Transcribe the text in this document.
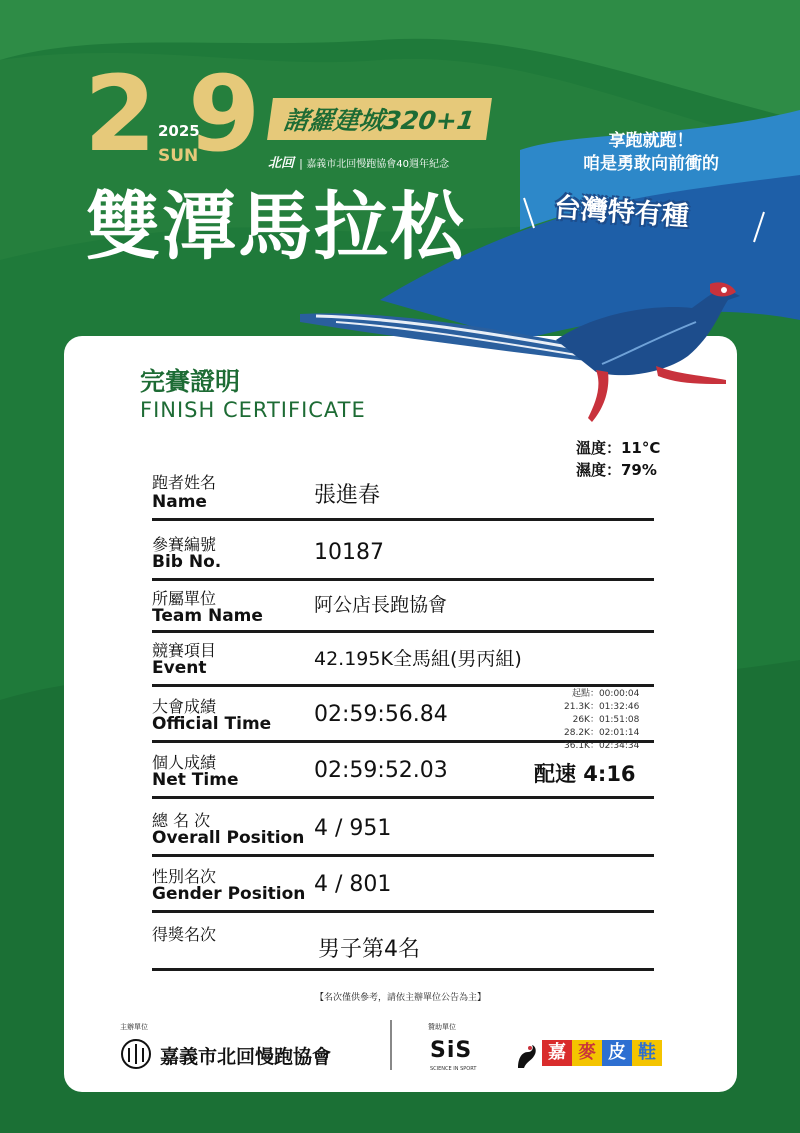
2 2025
SUN
9 諸羅建城320+1
北回 | 嘉義市北回慢跑協會40週年紀念
雙潭馬拉松
享跑就跑！
咱是勇敢向前衝的
台灣特有種
完賽證明
FINISH CERTIFICATE
溫度：11°C
濕度：79%
跑者姓名
Name	張進春
參賽編號
Bib No.	10187
所屬單位
Team Name	阿公店長跑協會
競賽項目
Event	42.195K全馬組(男丙組)
大會成績
Official Time 02:59:56.84
個人成績
Net Time	02:59:52.03
總 名 次
Overall Position 4 / 951
性別名次
Gender Position 4 / 801
得獎名次
男子第4名
起點：00:00:04
21.3K：01:32:46
26K：01:51:08
28.2K：02:01:14
36.1K：02:34:34
配速 4:16
【名次僅供參考，請依主辦單位公告為主】
主辦單位
嘉義市北回慢跑協會
贊助單位
SiS
SCIENCE IN SPORT
嘉 麥 皮 鞋
